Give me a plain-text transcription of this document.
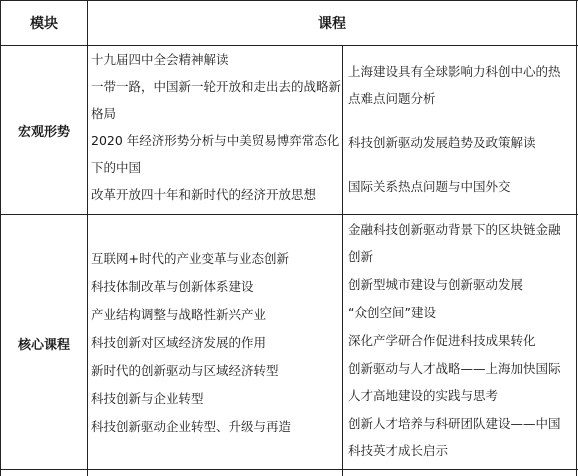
模块	课程
宏观形势
十九届四中全会精神解读
一带一路，中国新一轮开放和走出去的战略新
格局
2020 年经济形势分析与中美贸易博弈常态化
下的中国
改革开放四十年和新时代的经济开放思想
上海建设具有全球影响力科创中心的热
点难点问题分析
科技创新驱动发展趋势及政策解读
国际关系热点问题与中国外交
核心课程
互联网+时代的产业变革与业态创新
科技体制改革与创新体系建设
产业结构调整与战略性新兴产业
科技创新对区域经济发展的作用
新时代的创新驱动与区域经济转型
科技创新与企业转型
科技创新驱动企业转型、升级与再造
金融科技创新驱动背景下的区块链金融
创新
创新型城市建设与创新驱动发展
“众创空间”建设
深化产学研合作促进科技成果转化
创新驱动与人才战略——上海加快国际
人才高地建设的实践与思考
创新人才培养与科研团队建设——中国
科技英才成长启示
